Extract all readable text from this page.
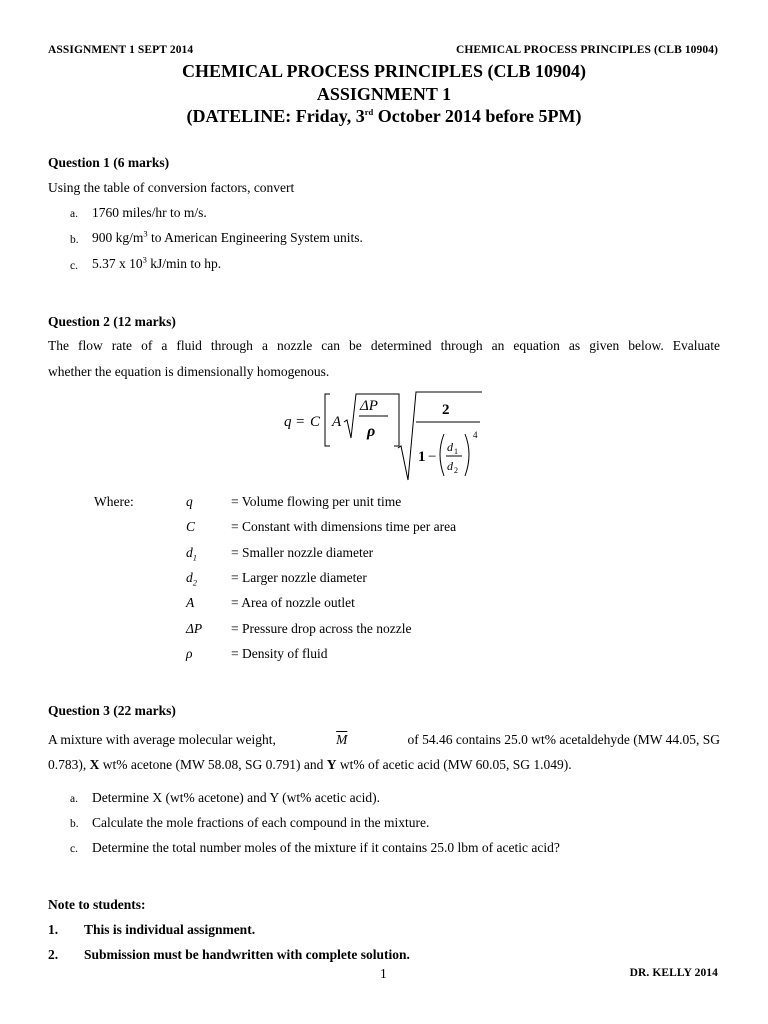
ASSIGNMENT 1 SEPT 2014	CHEMICAL PROCESS PRINCIPLES (CLB 10904)
CHEMICAL PROCESS PRINCIPLES (CLB 10904)
ASSIGNMENT 1
(DATELINE: Friday, 3rd October 2014 before 5PM)
Question 1 (6 marks)
Using the table of conversion factors, convert
a. 1760 miles/hr to m/s.
b. 900 $kg/m^3$ to American Engineering System units.
c. 5.37 x $10^3$ kJ/min to hp.
Question 2 (12 marks)
The flow rate of a fluid through a nozzle can be determined through an equation as given below. Evaluate
whether the equation is dimensionally homogenous.
q = C A
ΔP
ρ
2
1 −
d 1
d 2
4
Where:	q	= Volume flowing per unit time
C	= Constant with dimensions time per area
$d_1$	= Smaller nozzle diameter
$d_2$	= Larger nozzle diameter
A	= Area of nozzle outlet
ΔP = Pressure drop across the nozzle
ρ	= Density of fluid
Question 3 (22 marks)
A mixture with average molecular weight,	$\overline{M}$	of 54.46 contains 25.0 wt% acetaldehyde (MW 44.05, SG
0.783), X wt% acetone (MW 58.08, SG 0.791) and Y wt% of acetic acid (MW 60.05, SG 1.049).
a. Determine X (wt% acetone) and Y (wt% acetic acid).
b. Calculate the mole fractions of each compound in the mixture.
c. Determine the total number moles of the mixture if it contains 25.0 lbm of acetic acid?
Note to students:
1. This is individual assignment.
2. Submission must be handwritten with complete solution.
1	DR. KELLY 2014
